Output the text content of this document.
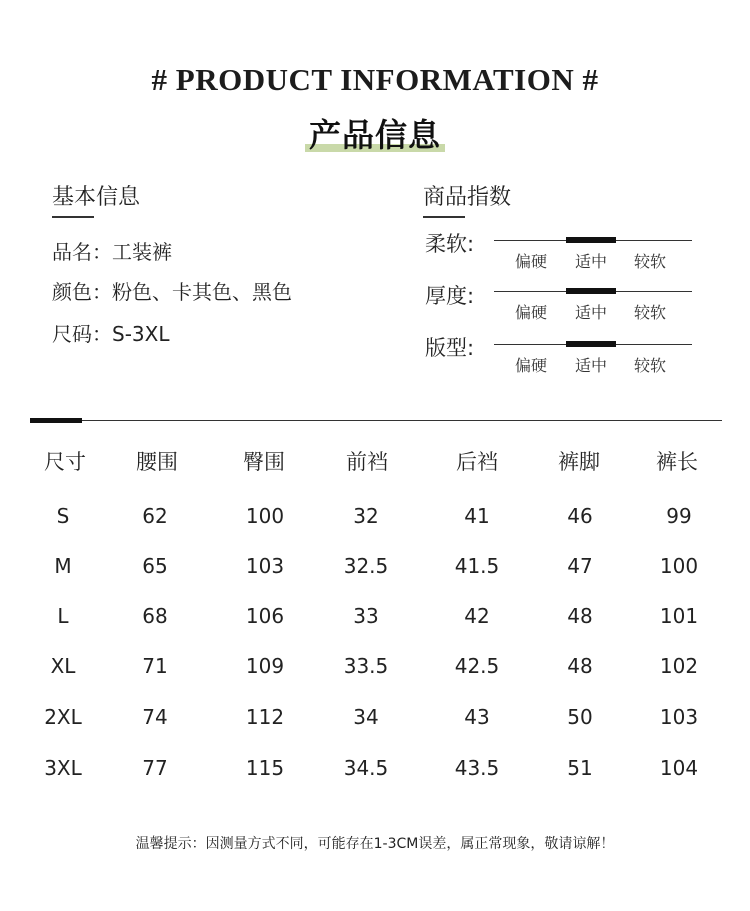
# PRODUCT INFORMATION #
产品信息
基本信息
品名：工装裤
颜色：粉色、卡其色、黑色
尺码：S-3XL
商品指数
柔软:
偏硬 适中 较软
厚度:
偏硬 适中 较软
版型:
偏硬 适中 较软
尺寸	腰围	臀围	前裆	后裆	裤脚	裤长
S	62	100	32	41	46	99
M	65	103	32.5	41.5	47	100
L	68	106	33	42	48	101
XL	71	109	33.5	42.5	48	102
2XL	74	112	34	43	50	103
3XL	77	115	34.5	43.5	51	104
温馨提示：因测量方式不同，可能存在1-3CM误差，属正常现象，敬请谅解！
